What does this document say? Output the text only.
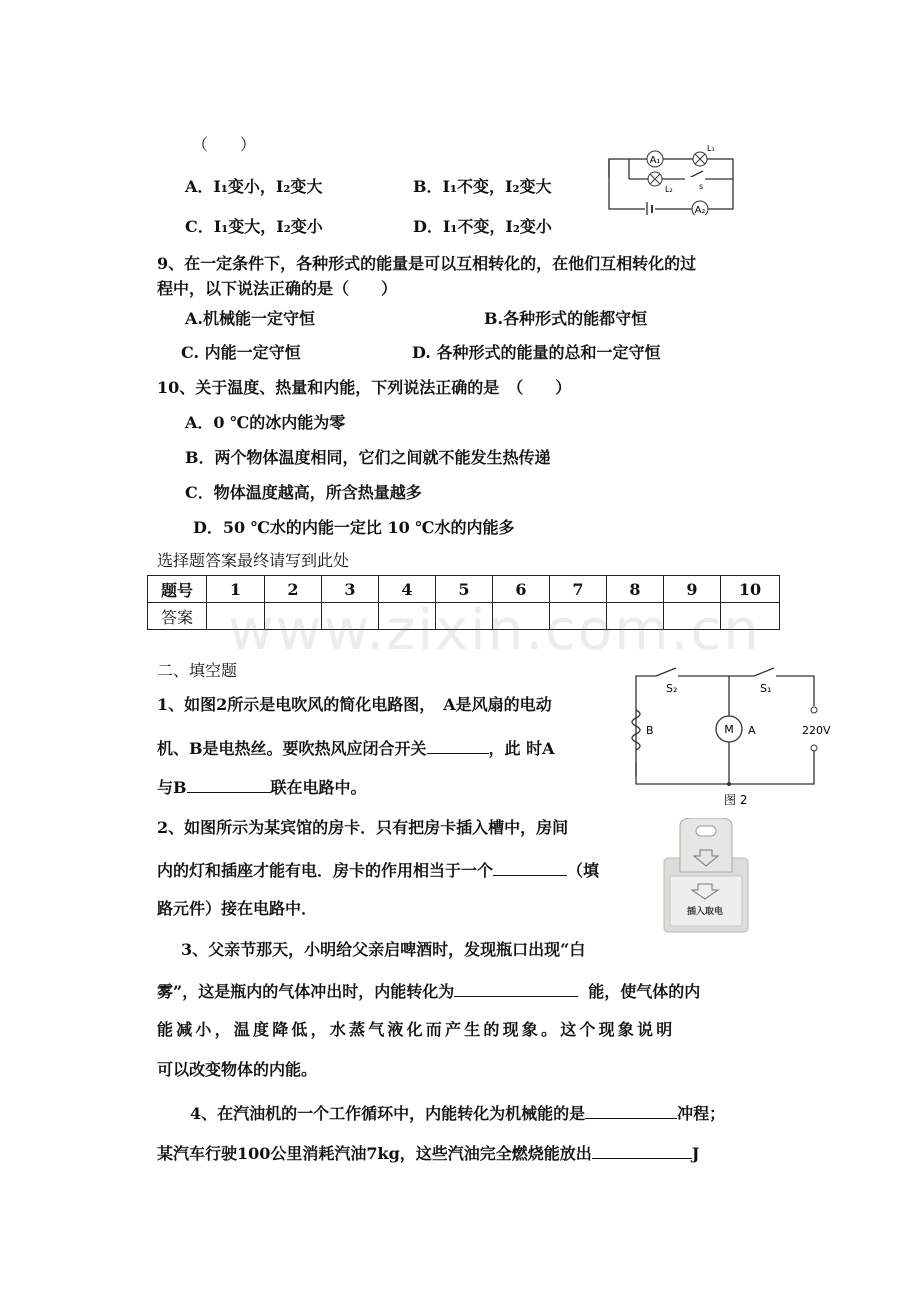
（　　）
A．I₁变小，I₂变大	B．I₁不变，I₂变大
C．I₁变大，I₂变小	D．I₁不变，I₂变小
A₁
L₁
L₂	s
A₂
9、在一定条件下，各种形式的能量是可以互相转化的，在他们互相转化的过
程中，以下说法正确的是（　　）
A.机械能一定守恒	B.各种形式的能都守恒
C. 内能一定守恒	D. 各种形式的能量的总和一定守恒
10、关于温度、热量和内能，下列说法正确的是　（　　）
A．0 ℃的冰内能为零
B．两个物体温度相同，它们之间就不能发生热传递
C．物体温度越高，所含热量越多
D．50 ℃水的内能一定比 10 ℃水的内能多
选择题答案最终请写到此处
题号	1	2	3	4	5	6	7	8	9	10
答案										www.zixin.com.cn
二、填空题
1、如图2所示是电吹风的简化电路图，　A是风扇的电动
机、B是电热丝。要吹热风应闭合开关	，此 时A
与B	联在电路中。
S₂	S₁
B	M A	220V
图 2
2、如图所示为某宾馆的房卡．只有把房卡插入槽中，房间
内的灯和插座才能有电．房卡的作用相当于一个	（填
路元件）接在电路中．	插入取电
3、父亲节那天，小明给父亲启啤酒时，发现瓶口出现“白
雾”，这是瓶内的气体冲出时，内能转化为	能，使气体的内
能减小，温度降低，水蒸气液化而产生的现象。这个现象说明
可以改变物体的内能。
4、在汽油机的一个工作循环中，内能转化为机械能的是	冲程；
某汽车行驶100公里消耗汽油7kg，这些汽油完全燃烧能放出	J
